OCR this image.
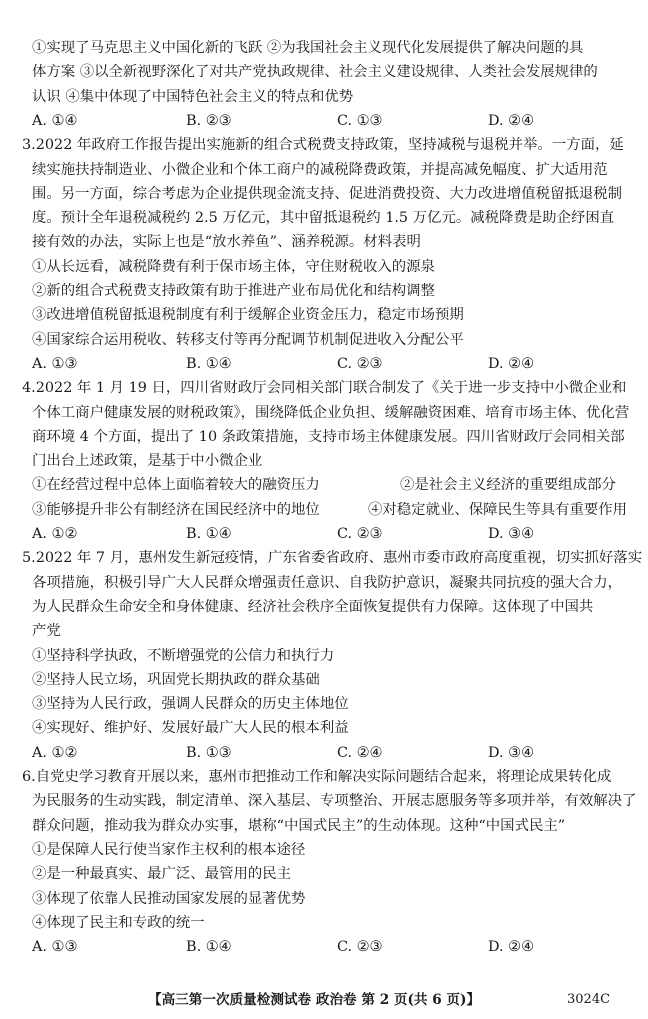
①实现了马克思主义中国化新的飞跃 ②为我国社会主义现代化发展提供了解决问题的具
体方案 ③以全新视野深化了对共产党执政规律、社会主义建设规律、人类社会发展规律的
认识 ④集中体现了中国特色社会主义的特点和优势
A. ①④	B. ②③	C. ①③	D. ②④
3.2022 年政府工作报告提出实施新的组合式税费支持政策，坚持减税与退税并举。一方面，延
续实施扶持制造业、小微企业和个体工商户的减税降费政策，并提高减免幅度、扩大适用范
围。另一方面，综合考虑为企业提供现金流支持、促进消费投资、大力改进增值税留抵退税制
度。预计全年退税减税约 2.5 万亿元，其中留抵退税约 1.5 万亿元。减税降费是助企纾困直
接有效的办法，实际上也是“放水养鱼”、涵养税源。材料表明
①从长远看，减税降费有利于保市场主体，守住财税收入的源泉
②新的组合式税费支持政策有助于推进产业布局优化和结构调整
③改进增值税留抵退税制度有利于缓解企业资金压力，稳定市场预期
④国家综合运用税收、转移支付等再分配调节机制促进收入分配公平
A. ①③	B. ①④	C. ②③	D. ②④
4.2022 年 1 月 19 日，四川省财政厅会同相关部门联合制发了《关于进一步支持中小微企业和
个体工商户健康发展的财税政策》，围绕降低企业负担、缓解融资困难、培育市场主体、优化营
商环境 4 个方面，提出了 10 条政策措施，支持市场主体健康发展。四川省财政厅会同相关部
门出台上述政策，是基于中小微企业
①在经营过程中总体上面临着较大的融资压力	②是社会主义经济的重要组成部分
③能够提升非公有制经济在国民经济中的地位	④对稳定就业、保障民生等具有重要作用
A. ①②	B. ①④	C. ②③	D. ③④
5.2022 年 7 月，惠州发生新冠疫情，广东省委省政府、惠州市委市政府高度重视，切实抓好落实
各项措施，积极引导广大人民群众增强责任意识、自我防护意识，凝聚共同抗疫的强大合力，
为人民群众生命安全和身体健康、经济社会秩序全面恢复提供有力保障。这体现了中国共
产党
①坚持科学执政，不断增强党的公信力和执行力
②坚持人民立场，巩固党长期执政的群众基础
③坚持为人民行政，强调人民群众的历史主体地位
④实现好、维护好、发展好最广大人民的根本利益
A. ①②	B. ①③	C. ②④	D. ③④
6.自党史学习教育开展以来，惠州市把推动工作和解决实际问题结合起来，将理论成果转化成
为民服务的生动实践，制定清单、深入基层、专项整治、开展志愿服务等多项并举，有效解决了
群众问题，推动我为群众办实事，堪称“中国式民主”的生动体现。这种“中国式民主”
①是保障人民行使当家作主权利的根本途径
②是一种最真实、最广泛、最管用的民主
③体现了依靠人民推动国家发展的显著优势
【高三第一次质量检测试卷 政治卷 第 2 页(共 6 页)】	3024C
④体现了民主和专政的统一
A. ①③	B. ①④	C. ②③	D. ②④
